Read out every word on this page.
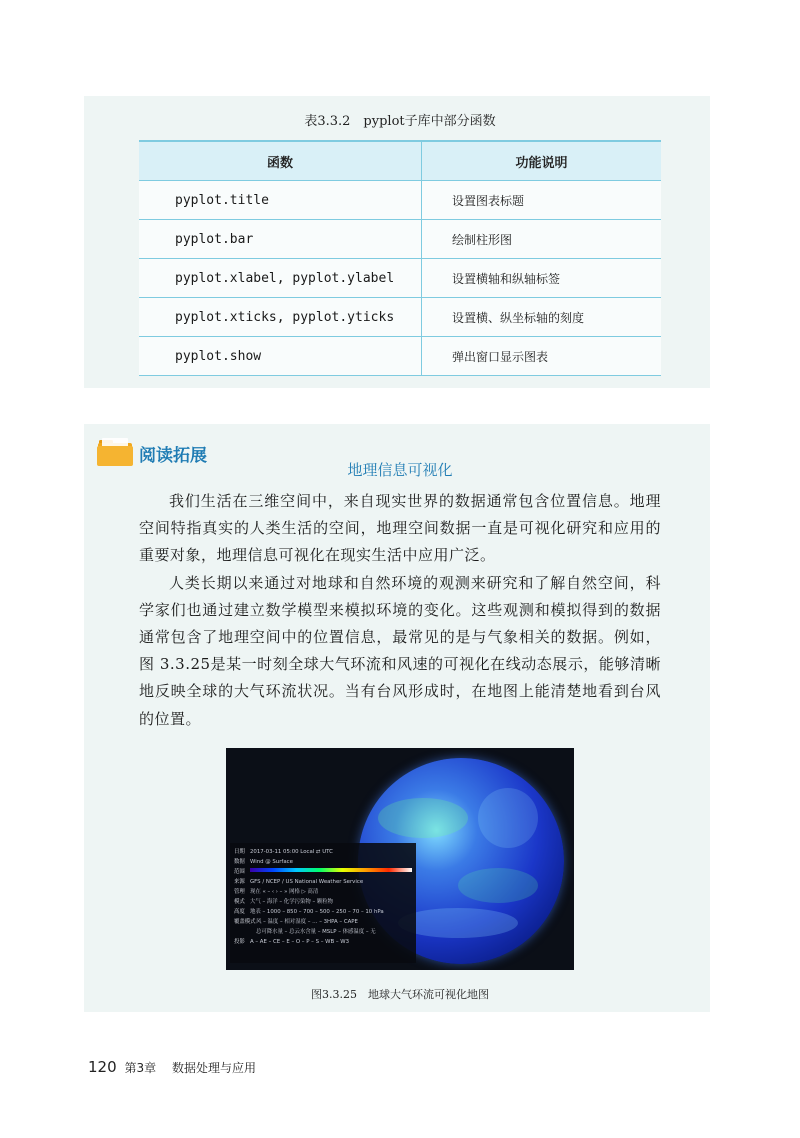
表3.3.2　pyplot子库中部分函数
函数	功能说明
pyplot.title	设置图表标题
pyplot.bar	绘制柱形图
pyplot.xlabel, pyplot.ylabel	设置横轴和纵轴标签
pyplot.xticks, pyplot.yticks	设置横、纵坐标轴的刻度
pyplot.show	弹出窗口显示图表
阅读拓展
地理信息可视化

我们生活在三维空间中，来自现实世界的数据通常包含位置信息。地理空间特指真实的人类生活的空间，地理空间数据一直是可视化研究和应用的重要对象，地理信息可视化在现实生活中应用广泛。

人类长期以来通过对地球和自然环境的观测来研究和了解自然空间，科学家们也通过建立数学模型来模拟环境的变化。这些观测和模拟得到的数据通常包含了地理空间中的位置信息，最常见的是与气象相关的数据。例如，图 3.3.25是某一时刻全球大气环流和风速的可视化在线动态展示，能够清晰地反映全球的大气环流状况。当有台风形成时，在地图上能清楚地看到台风的位置。

日期 2017-03-11 05:00 Local ⇄ UTC
数据 Wind @ Surface
范围
来源 GFS / NCEP / US National Weather Service
管理 现在 « – ‹ › – » 网格 ▷ 高清
模式 大气 – 海洋 – 化学污染物 – 颗粒物
高度 地表 – 1000 – 850 – 700 – 500 – 250 – 70 – 10 hPa
覆盖模式风 – 温度 – 相对湿度 – … – 3HPA – CAPE
总可降水量 – 总云水含量 – MSLP – 体感温度 – 无
投影 A – AE – CE – E – O – P – S – WB – W3
图3.3.25　地球大气环流可视化地图
120 第3章 数据处理与应用
